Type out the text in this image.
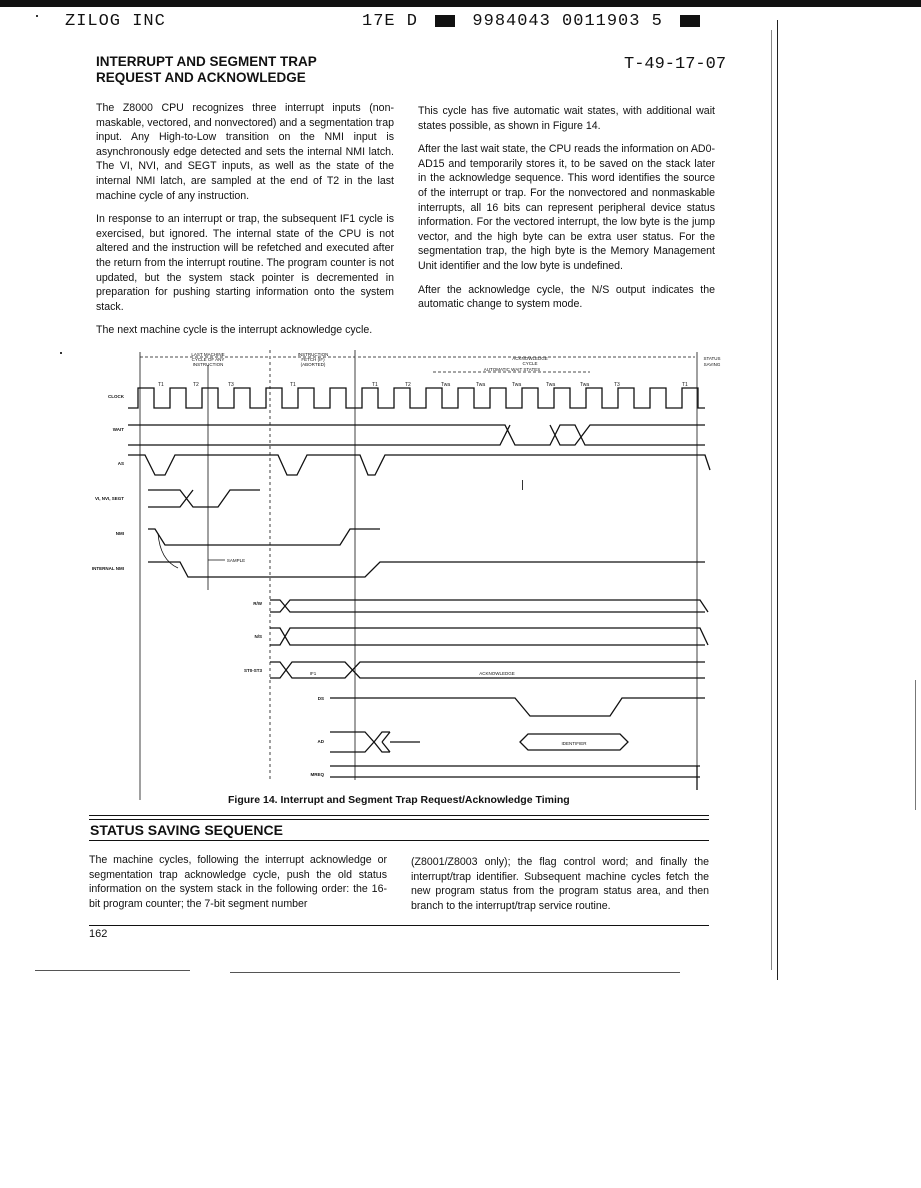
ZILOG INC	17E D	9984043 0011903 5
T-49-17-07
INTERRUPT AND SEGMENT TRAP
REQUEST AND ACKNOWLEDGE

The Z8000 CPU recognizes three interrupt inputs (non-maskable, vectored, and nonvectored) and a segmentation trap input. Any High-to-Low transition on the NMI input is asynchronously edge detected and sets the internal NMI latch. The VI, NVI, and SEGT inputs, as well as the state of the internal NMI latch, are sampled at the end of T2 in the last machine cycle of any instruction.

In response to an interrupt or trap, the subsequent IF1 cycle is exercised, but ignored. The internal state of the CPU is not altered and the instruction will be refetched and executed after the return from the interrupt routine. The program counter is not updated, but the system stack pointer is decremented in preparation for pushing starting information onto the system stack.

The next machine cycle is the interrupt acknowledge cycle.

This cycle has five automatic wait states, with additional wait states possible, as shown in Figure 14.

After the last wait state, the CPU reads the information on AD0-AD15 and temporarily stores it, to be saved on the stack later in the acknowledge sequence. This word identifies the source of the interrupt or trap. For the nonvectored and nonmaskable interrupts, all 16 bits can represent peripheral device status information. For the vectored interrupt, the low byte is the jump vector, and the high byte can be extra user status. For the segmentation trap, the high byte is the Memory Management Unit identifier and the low byte is undefined.

After the acknowledge cycle, the N/S output indicates the automatic change to system mode.

LAST MACHINE
CYCLE OF ANY
INSTRUCTION
INSTRUCTION
FETCH (IF)
(ABORTED)
ACKNOWLEDGE
CYCLE
AUTOMATIC WAIT STATES
STATUS
SAVING
T1	T2	T3	T1	T1	T2	Twa	Twa	Twa	Twa	Twa	T3	T1
CLOCK
WAIT
AS
VI, NVI, SEGT
NMI
INTERNAL NMI
R/W
N/S
ST0-ST3
DS
AD
MREQ
SAMPLE
ACKNOWLEDGE
IF1
IDENTIFIER
Figure 14. Interrupt and Segment Trap Request/Acknowledge Timing
STATUS SAVING SEQUENCE
The machine cycles, following the interrupt acknowledge or segmentation trap acknowledge cycle, push the old status information on the system stack in the following order: the 16-bit program counter; the 7-bit segment number
(Z8001/Z8003 only); the flag control word; and finally the interrupt/trap identifier. Subsequent machine cycles fetch the new program status from the program status area, and then branch to the interrupt/trap service routine.
162
